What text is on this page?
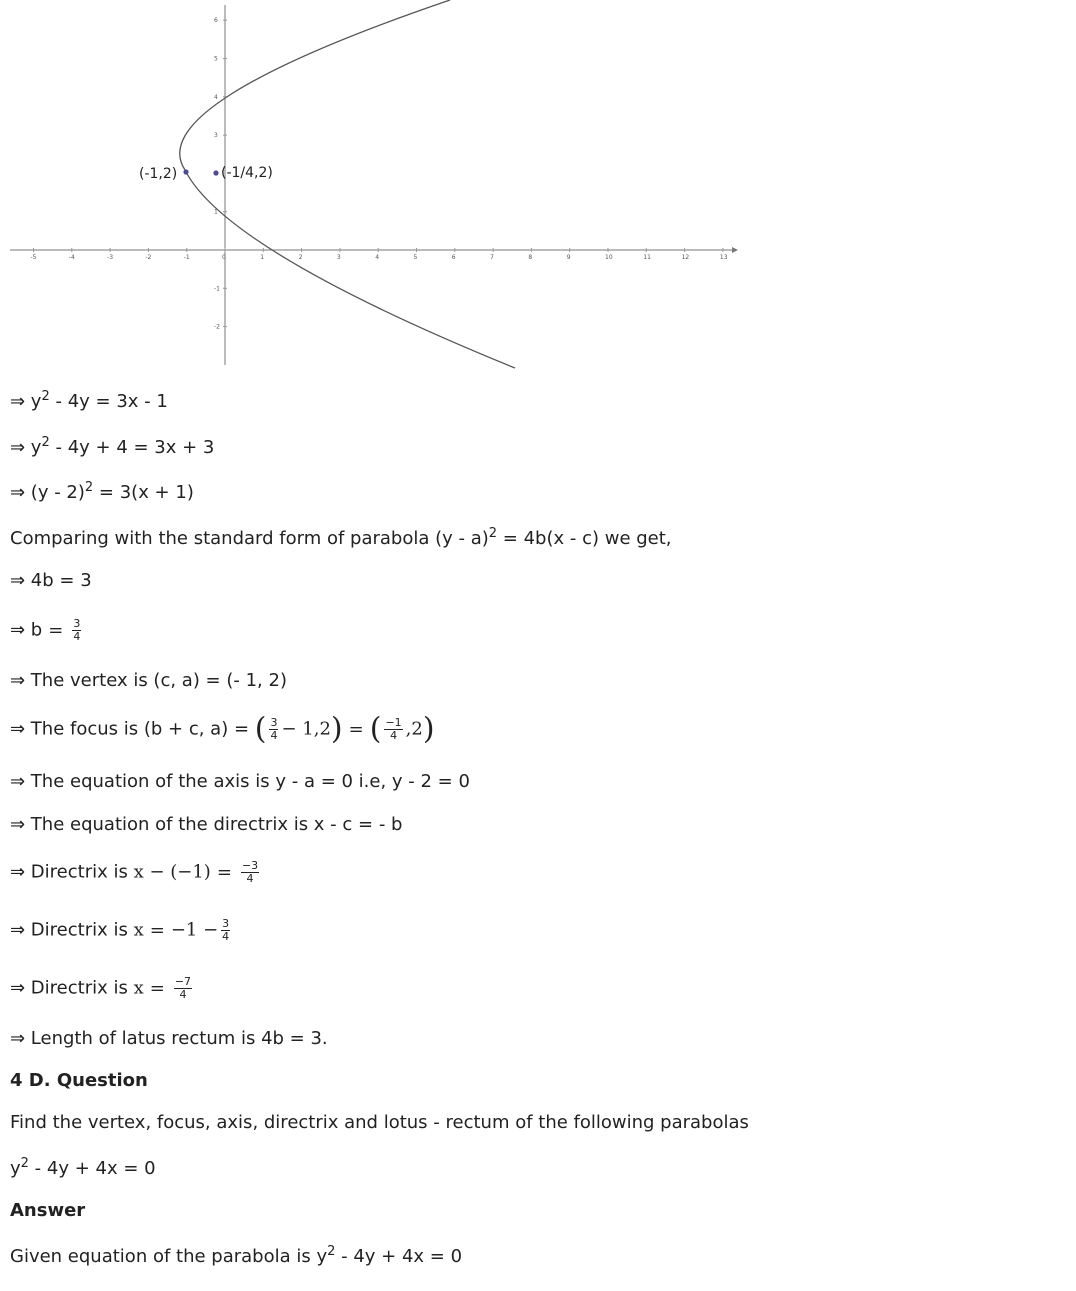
-5	-4	-3	-2	-1	0	1	2	3	4	5	6	7	8	9	10	11	12	13
6
5
4
3
1
-1
-2
(-1,2)	(-1/4,2)
⇒ $y^2 - 4y = 3x - 1$
⇒ $y^2 - 4y + 4 = 3x + 3$
⇒ (y - 2)$^2$ = 3(x + 1)
Comparing with the standard form of parabola (y - a)$^2$ = 4b(x - c) we get,
⇒ 4b = 3
⇒ $b = \frac{3}{4}$
⇒ The vertex is (c, a) = (- 1, 2)
⇒ The focus is (b + c, a) = ( $\frac{3}{4} - 1,2$) = ( $\frac{-1}{4} ,2$)
⇒ The equation of the axis is y - a = 0 i.e, y - 2 = 0
⇒ The equation of the directrix is x - c = - b
⇒ Directrix is $x - (-1) = \frac{-3}{4}$
⇒ Directrix is $x = -1 - \frac{3}{4}$
⇒ Directrix is $x = \frac{-7}{4}$
⇒ Length of latus rectum is 4b = 3.
4 D. Question
Find the vertex, focus, axis, directrix and lotus - rectum of the following parabolas
$y^2 - 4y + 4x = 0$
Answer
Given equation of the parabola is $y^2 - 4y + 4x = 0$
